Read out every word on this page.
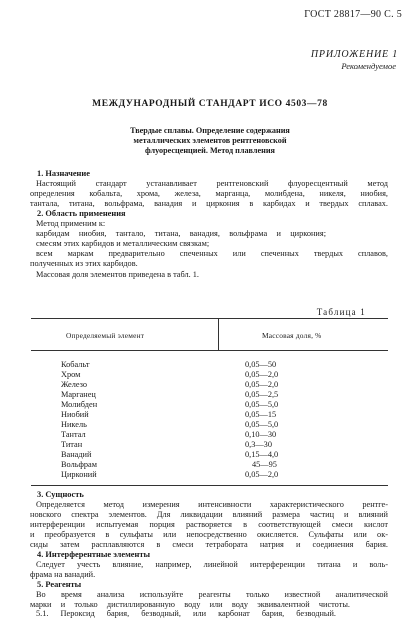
ГОСТ 28817—90 С. 5
ПРИЛОЖЕНИЕ 1
Рекомендуемое
МЕЖДУНАРОДНЫЙ СТАНДАРТ ИСО 4503—78
Твердые сплавы. Определение содержания
металлических элементов рентгеновской
флуоресценцией. Метод плавления
1. Назначение
Настоящий стандарт устанавливает рентгеновский флуоресцентный метод
определения кобальта, хрома, железа, марганца, молибдена, никеля, ниобия,
тантала, титана, вольфрама, ванадия и циркония в карбидах и твердых сплавах.
2. Область применения
Метод применим к:
карбидам ниобия, тантало, титана, ванадия, вольфрама и циркония;
смесям этих карбидов и металлическим связкам;
всем маркам предварительно спеченных или спеченных твердых сплавов,
полученных из этих карбидов.
Массовая доля элементов приведена в табл. 1.
Таблица 1
Определяемый элемент	Массовая доля, %
Кобальт	0,05—50
Хром	0,05—2,0
Железо	0,05—2,0
Марганец	0,05—2,5
Молибден	0,05—5,0
Ниобий	0,05—15
Никель	0,05—5,0
Тантал	0,10—30
Титан	0,3—30
Ванадий	0,15—4,0
Вольфрам	45—95
Цирконий	0,05—2,0
3. Сущность
Определяется метод измерения интенсивности характеристического рентге-
новского спектра элементов. Для ликвидации влияний размера частиц и влияний
интерференции испытуемая порция растворяется в соответствующей смеси кислот
и преобразуется в сульфаты или непосредственно окисляется. Сульфаты или ок-
сиды затем расплавляются в смеси тетрабората натрия и соединения бария.
4. Интерферентные элементы
Следует учесть влияние, например, линейной интерференции титана и воль-
фрама на ванадий.
5. Реагенты
Во время анализа используйте реагенты только известной аналитической
марки и только дистиллированную воду или воду эквивалентной чистоты.
5.1. Пероксид бария, безводный, или карбонат бария, безводный.
